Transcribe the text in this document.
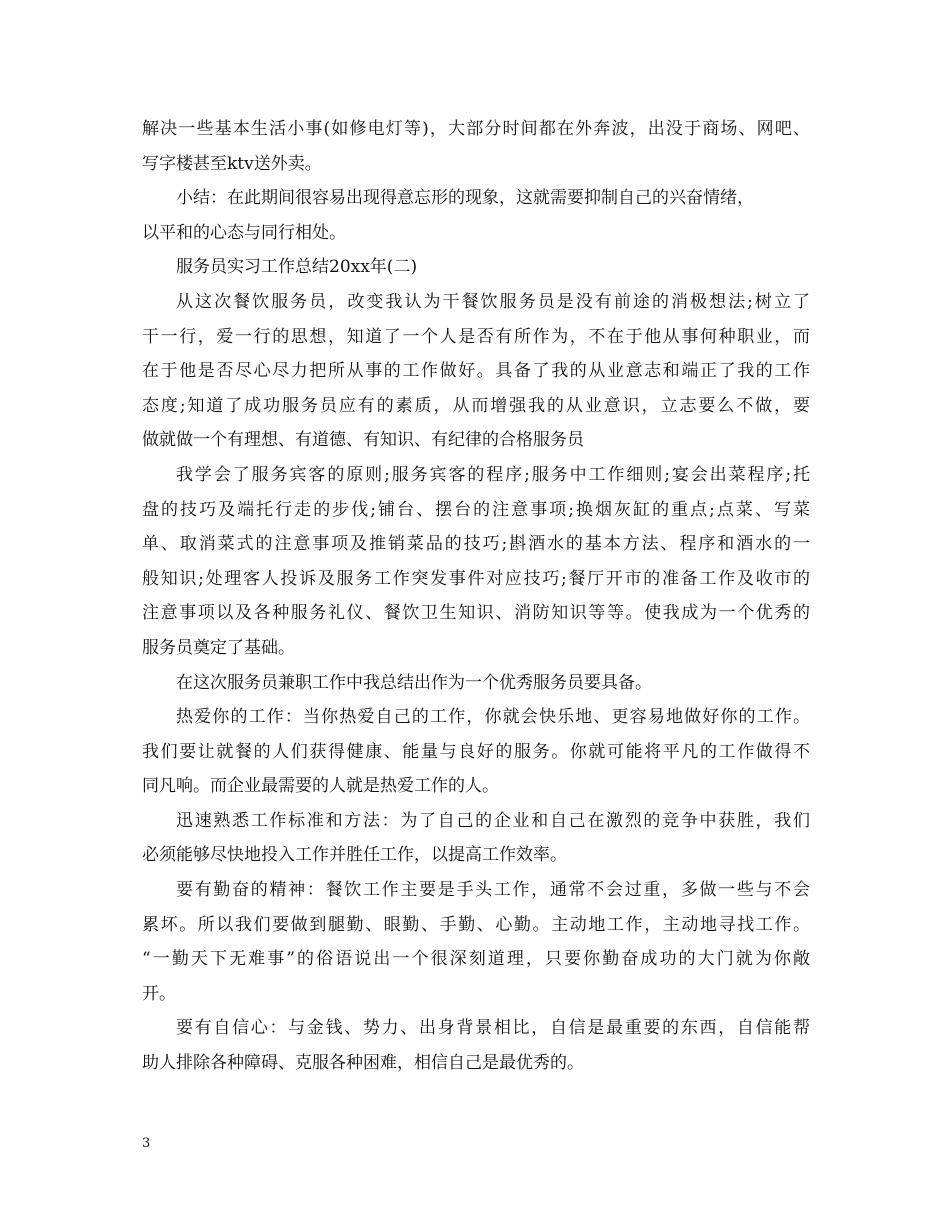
解决一些基本生活小事(如修电灯等)，大部分时间都在外奔波，出没于商场、网吧、
写字楼甚至ktv送外卖。
小结：在此期间很容易出现得意忘形的现象，这就需要抑制自己的兴奋情绪，
以平和的心态与同行相处。
服务员实习工作总结20xx年(二)
从这次餐饮服务员，改变我认为干餐饮服务员是没有前途的消极想法;树立了
干一行，爱一行的思想，知道了一个人是否有所作为，不在于他从事何种职业，而
在于他是否尽心尽力把所从事的工作做好。具备了我的从业意志和端正了我的工作
态度;知道了成功服务员应有的素质，从而增强我的从业意识，立志要么不做，要
做就做一个有理想、有道德、有知识、有纪律的合格服务员
我学会了服务宾客的原则;服务宾客的程序;服务中工作细则;宴会出菜程序;托
盘的技巧及端托行走的步伐;铺台、摆台的注意事项;换烟灰缸的重点;点菜、写菜
单、取消菜式的注意事项及推销菜品的技巧;斟酒水的基本方法、程序和酒水的一
般知识;处理客人投诉及服务工作突发事件对应技巧;餐厅开市的准备工作及收市的
注意事项以及各种服务礼仪、餐饮卫生知识、消防知识等等。使我成为一个优秀的
服务员奠定了基础。
在这次服务员兼职工作中我总结出作为一个优秀服务员要具备。
热爱你的工作：当你热爱自己的工作，你就会快乐地、更容易地做好你的工作。
我们要让就餐的人们获得健康、能量与良好的服务。你就可能将平凡的工作做得不
同凡响。而企业最需要的人就是热爱工作的人。
迅速熟悉工作标准和方法：为了自己的企业和自己在激烈的竞争中获胜，我们
必须能够尽快地投入工作并胜任工作，以提高工作效率。
要有勤奋的精神：餐饮工作主要是手头工作，通常不会过重，多做一些与不会
累坏。所以我们要做到腿勤、眼勤、手勤、心勤。主动地工作，主动地寻找工作。
“一勤天下无难事”的俗语说出一个很深刻道理，只要你勤奋成功的大门就为你敞
开。
要有自信心：与金钱、势力、出身背景相比，自信是最重要的东西，自信能帮
助人排除各种障碍、克服各种困难，相信自己是最优秀的。
3
